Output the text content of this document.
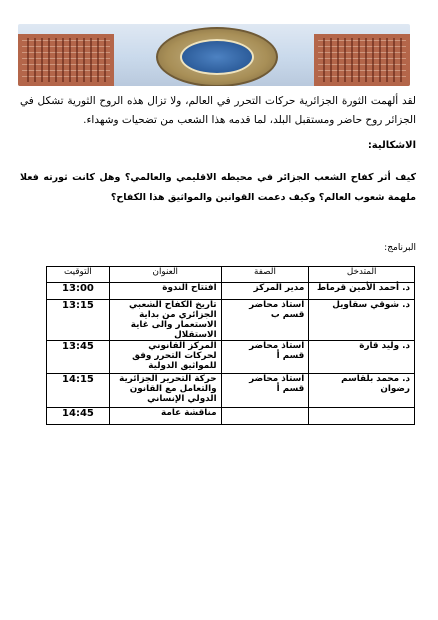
لقد ألهمت الثورة الجزائرية حركات التحرر في العالم، ولا تزال هذه الروح الثورية تشكل في الجزائر روح حاضر ومستقبل البلد، لما قدمه هذا الشعب من تضحيات وشهداء.
الاشكالية:
كيف أثر كفاح الشعب الجزائر في محيطه الاقليمي والعالمي؟ وهل كانت ثورته فعلا ملهمة شعوب العالم؟ وكيف دعمت القوانين والمواثيق هذا الكفاح؟
البرنامج:
المتدخل	الصفة	العنوان	التوقيت
د. أحمد الأمين قرماط	مدير المركز	افتتاح الندوة	13:00
د. شوقي سقاويل	استاذ محاضر قسم ب	تاريخ الكفاح الشعبي الجزائري من بداية الاستعمار والى غاية الاستقلال	13:15
د. وليد قارة	استاذ محاضر قسم أ	المركز القانوني لحركات التحرر وفق للمواثيق الدولية	13:45
د. محمد بلقاسم رضوان	استاذ محاضر قسم أ	حركة التحرير الجزائرية والتعامل مع القانون الدولي الإنساني	14:15
		مناقشة عامة	14:45
